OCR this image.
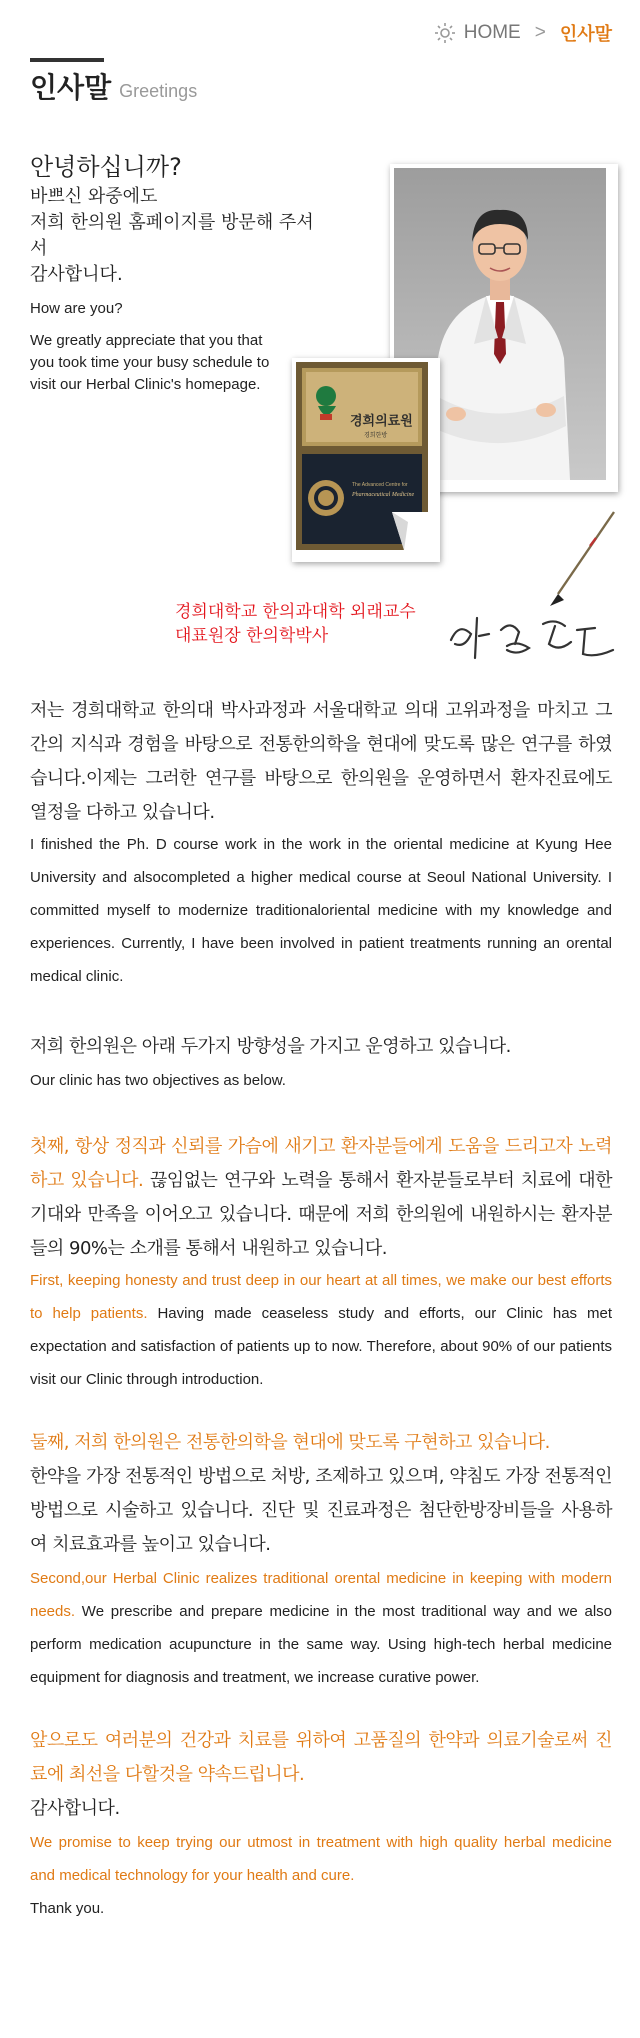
HOME > 인사말
인사말 Greetings
안녕하십니까?
바쁘신 와중에도
저희 한의원 홈페이지를 방문해 주셔서
감사합니다.
How are you?
We greatly appreciate that you that
you took time your busy schedule to
visit our Herbal Clinic's homepage.
경희의료원
경희한방
The Advanced Centre for
Pharmaceutical Medicine
경희대학교 한의과대학 외래교수
대표원장 한의학박사

저는 경희대학교 한의대 박사과정과 서울대학교 의대 고위과정을 마치고 그간의 지식과 경험을 바탕으로 전통한의학을 현대에 맞도록 많은 연구를 하였습니다.이제는 그러한 연구를 바탕으로 한의원을 운영하면서 환자진료에도 열정을 다하고 있습니다.

I finished the Ph. D course work in the work in the oriental medicine at Kyung Hee University and alsocompleted a higher medical course at Seoul National University. I committed myself to modernize traditionaloriental medicine with my knowledge and experiences. Currently, I have been involved in patient treatments running an orental medical clinic.

저희 한의원은 아래 두가지 방향성을 가지고 운영하고 있습니다.

Our clinic has two objectives as below.

첫째, 항상 정직과 신뢰를 가슴에 새기고 환자분들에게 도움을 드리고자 노력하고 있습니다. 끊임없는 연구와 노력을 통해서 환자분들로부터 치료에 대한 기대와 만족을 이어오고 있습니다. 때문에 저희 한의원에 내원하시는 환자분들의 90%는 소개를 통해서 내원하고 있습니다.

First, keeping honesty and trust deep in our heart at all times, we make our best efforts to help patients. Having made ceaseless study and efforts, our Clinic has met expectation and satisfaction of patients up to now. Therefore, about 90% of our patients visit our Clinic through introduction.

둘째, 저희 한의원은 전통한의학을 현대에 맞도록 구현하고 있습니다.
한약을 가장 전통적인 방법으로 처방, 조제하고 있으며, 약침도 가장 전통적인 방법으로 시술하고 있습니다. 진단 및 진료과정은 첨단한방장비들을 사용하여 치료효과를 높이고 있습니다.

Second,our Herbal Clinic realizes traditional orental medicine in keeping with modern needs. We prescribe and prepare medicine in the most traditional way and we also perform medication acupuncture in the same way. Using high-tech herbal medicine equipment for diagnosis and treatment, we increase curative power.

앞으로도 여러분의 건강과 치료를 위하여 고품질의 한약과 의료기술로써 진료에 최선을 다할것을 약속드립니다.
감사합니다.

We promise to keep trying our utmost in treatment with high quality herbal medicine and medical technology for your health and cure.
Thank you.
